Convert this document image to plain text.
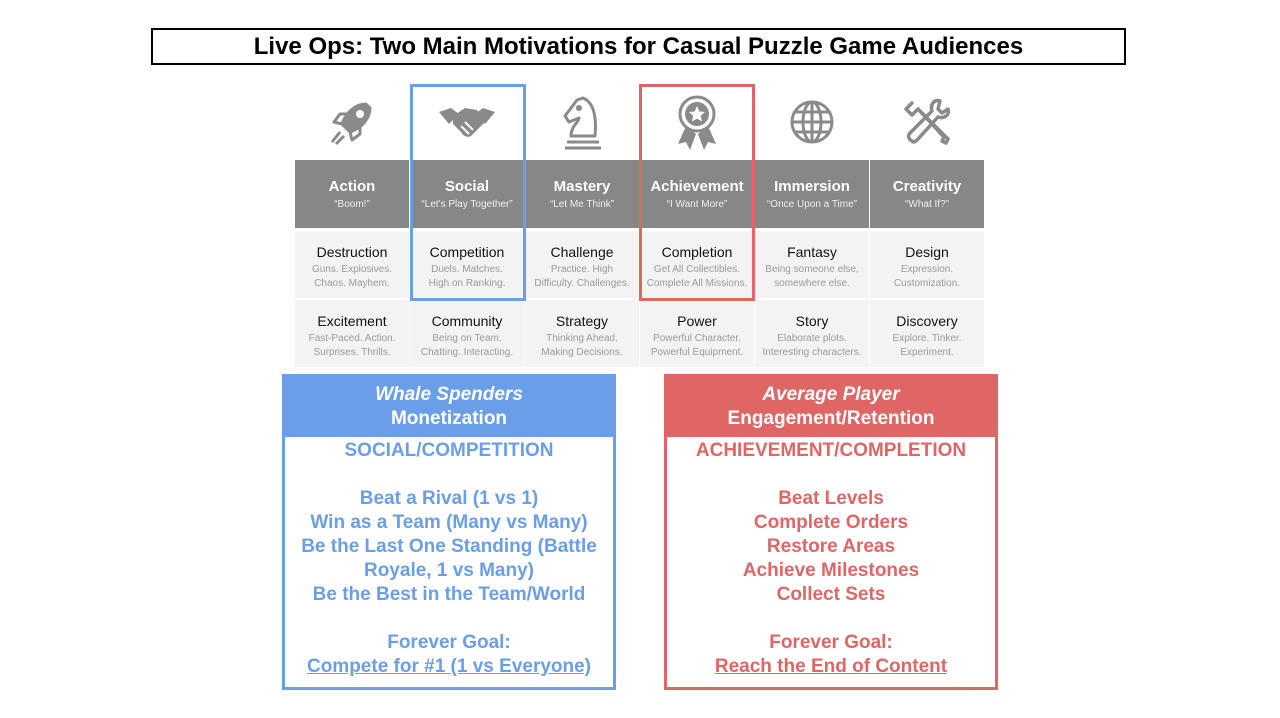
Live Ops: Two Main Motivations for Casual Puzzle Game Audiences
Action
“Boom!”
Destruction
Guns. Explosives.
Chaos. Mayhem.
Excitement
Fast-Paced. Action.
Surprises. Thrills.
Social
“Let’s Play Together”
Competition
Duels. Matches.
High on Ranking.
Community
Being on Team.
Chatting. Interacting.
Mastery
“Let Me Think”
Challenge
Practice. High
Difficulty. Challenges.
Strategy
Thinking Ahead.
Making Decisions.
Achievement
“I Want More”
Completion
Get All Collectibles.
Complete All Missions.
Power
Powerful Character.
Powerful Equipment.
Immersion
“Once Upon a Time”
Fantasy
Being someone else,
somewhere else.
Story
Elaborate plots.
Interesting characters.
Creativity
“What If?”
Design
Expression.
Customization.
Discovery
Explore. Tinker.
Experiment.
Whale Spenders
Monetization
SOCIAL/COMPETITION
Beat a Rival (1 vs 1)
Win as a Team (Many vs Many)
Be the Last One Standing (Battle
Royale, 1 vs Many)
Be the Best in the Team/World
Forever Goal:
Compete for #1 (1 vs Everyone)
Average Player
Engagement/Retention
ACHIEVEMENT/COMPLETION
Beat Levels
Complete Orders
Restore Areas
Achieve Milestones
Collect Sets
Forever Goal:
Reach the End of Content
